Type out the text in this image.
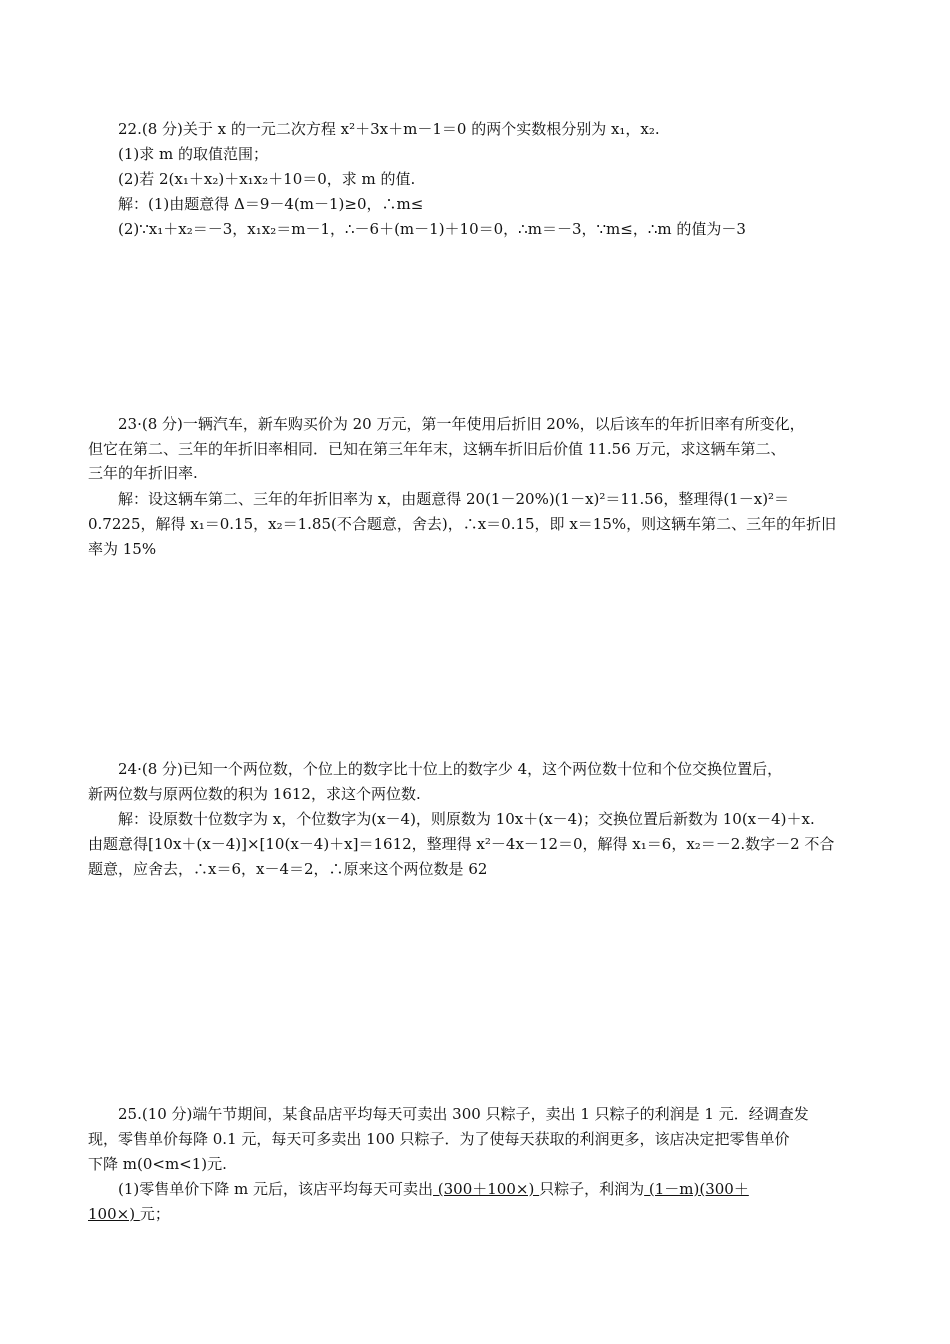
22.(8 分)关于 x 的一元二次方程 x²＋3x＋m－1＝0 的两个实数根分别为 x₁，x₂.
(1)求 m 的取值范围；
(2)若 2(x₁＋x₂)＋x₁x₂＋10＝0，求 m 的值.
解：(1)由题意得 Δ＝9－4(m－1)≥0，∴m≤
(2)∵x₁＋x₂＝－3，x₁x₂＝m－1，∴－6＋(m－1)＋10＝0，∴m＝－3，∵m≤，∴m 的值为－3
23·(8 分)一辆汽车，新车购买价为 20 万元，第一年使用后折旧 20%，以后该车的年折旧率有所变化，
但它在第二、三年的年折旧率相同．已知在第三年年末，这辆车折旧后价值 11.56 万元，求这辆车第二、
三年的年折旧率.
解：设这辆车第二、三年的年折旧率为 x，由题意得 20(1－20%)(1－x)²＝11.56，整理得(1－x)²＝
0.7225，解得 x₁＝0.15，x₂＝1.85(不合题意，舍去)，∴x＝0.15，即 x＝15%，则这辆车第二、三年的年折旧
率为 15%
24·(8 分)已知一个两位数，个位上的数字比十位上的数字少 4，这个两位数十位和个位交换位置后，
新两位数与原两位数的积为 1612，求这个两位数.
解：设原数十位数字为 x，个位数字为(x－4)，则原数为 10x＋(x－4)；交换位置后新数为 10(x－4)＋x.
由题意得[10x＋(x－4)]×[10(x－4)＋x]＝1612，整理得 x²－4x－12＝0，解得 x₁＝6，x₂＝－2.数字－2 不合
题意，应舍去，∴x＝6，x－4＝2，∴原来这个两位数是 62
25.(10 分)端午节期间，某食品店平均每天可卖出 300 只粽子，卖出 1 只粽子的利润是 1 元．经调查发
现，零售单价每降 0.1 元，每天可多卖出 100 只粽子．为了使每天获取的利润更多，该店决定把零售单价
下降 m(0<m<1)元.
(1)零售单价下降 m 元后，该店平均每天可卖出 (300＋100×) 只粽子，利润为 (1－m)(300＋
100×) 元；
